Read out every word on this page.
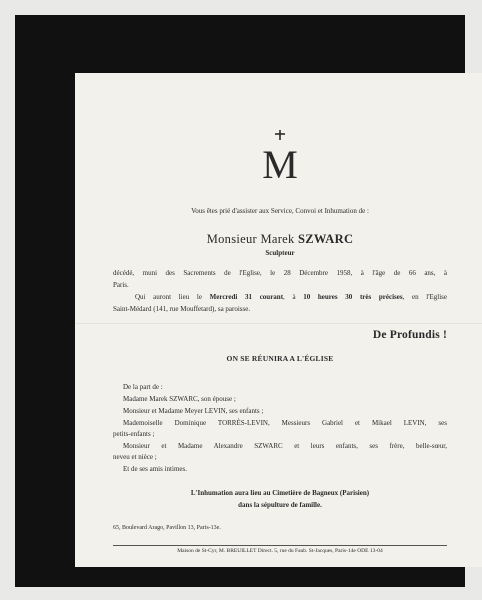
M
Vous êtes prié d'assister aux Service, Convoi et Inhumation de :
Monsieur Marek SZWARC
Sculpteur
décédé, muni des Sacrements de l'Eglise, le 28 Décembre 1958, à l'âge de 66 ans, à
Paris.
Qui auront lieu le Mercredi 31 courant, à 10 heures 30 très précises, en l'Eglise
Saint-Médard (141, rue Mouffetard), sa paroisse.
De Profundis !
ON SE RÉUNIRA A L'ÉGLISE
De la part de :
Madame Marek SZWARC, son épouse ;
Monsieur et Madame Meyer LEVIN, ses enfants ;
Mademoiselle Dominique TORRÈS-LEVIN, Messieurs Gabriel et Mikael LEVIN, ses
petits-enfants ;
Monsieur et Madame Alexandre SZWARC et leurs enfants, ses frère, belle-sœur,
neveu et nièce ;
Et de ses amis intimes.
L'Inhumation aura lieu au Cimetière de Bagneux (Parisien)
dans la sépulture de famille.
65, Boulevard Arago, Pavillon 13, Paris-13e.
Maison de St-Cyr, M. BREUILLET Direct. 5, rue du Faub. St-Jacques, Paris-14e ODE 13-04
